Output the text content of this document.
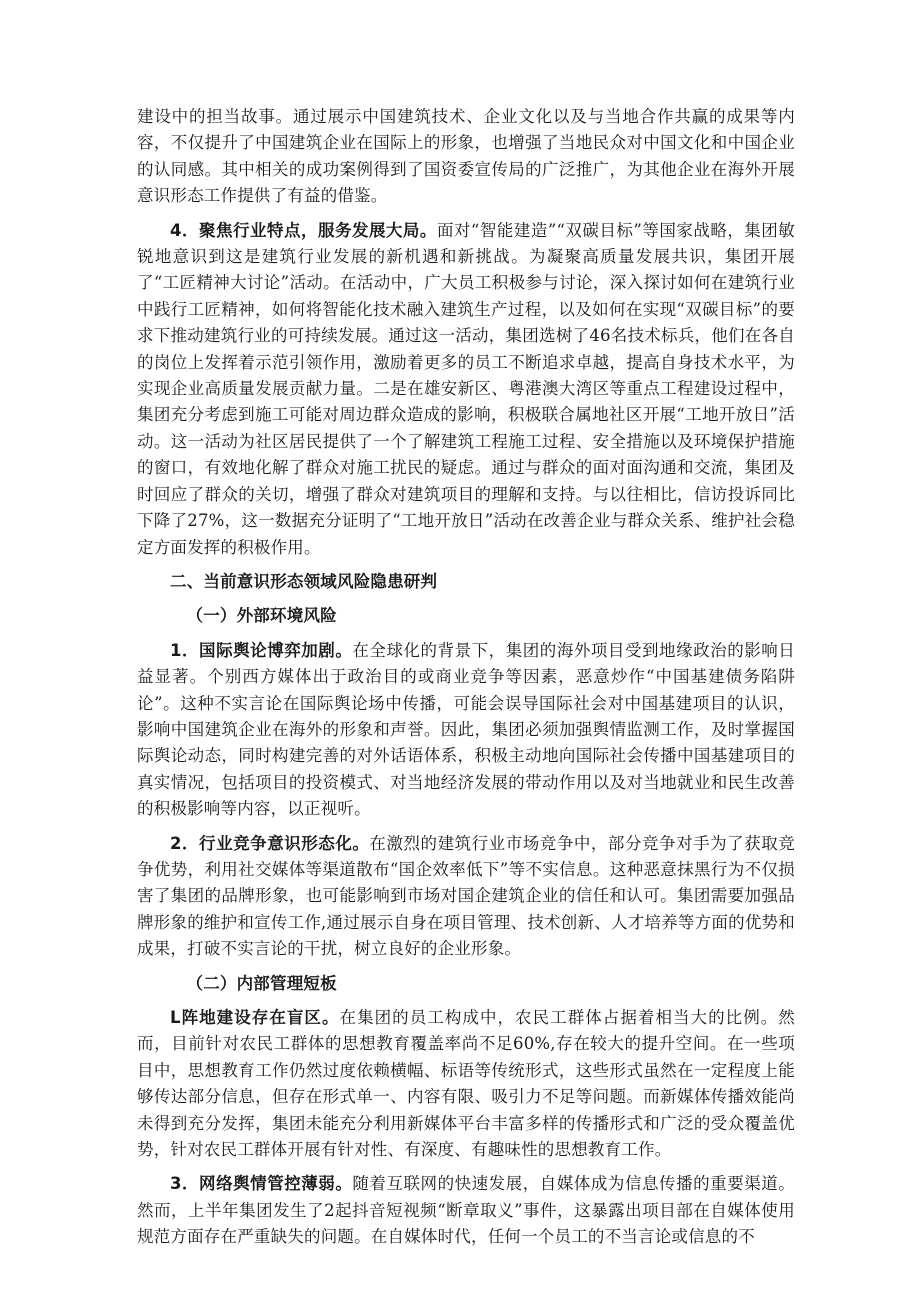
建设中的担当故事。通过展示中国建筑技术、企业文化以及与当地合作共赢的成果等内容，不仅提升了中国建筑企业在国际上的形象，也增强了当地民众对中国文化和中国企业的认同感。其中相关的成功案例得到了国资委宣传局的广泛推广，为其他企业在海外开展意识形态工作提供了有益的借鉴。

4．聚焦行业特点，服务发展大局。面对“智能建造”“双碳目标”等国家战略，集团敏锐地意识到这是建筑行业发展的新机遇和新挑战。为凝聚高质量发展共识，集团开展了“工匠精神大讨论”活动。在活动中，广大员工积极参与讨论，深入探讨如何在建筑行业中践行工匠精神，如何将智能化技术融入建筑生产过程，以及如何在实现“双碳目标”的要求下推动建筑行业的可持续发展。通过这一活动，集团选树了46名技术标兵，他们在各自的岗位上发挥着示范引领作用，激励着更多的员工不断追求卓越，提高自身技术水平，为实现企业高质量发展贡献力量。二是在雄安新区、粤港澳大湾区等重点工程建设过程中，集团充分考虑到施工可能对周边群众造成的影响，积极联合属地社区开展“工地开放日”活动。这一活动为社区居民提供了一个了解建筑工程施工过程、安全措施以及环境保护措施的窗口，有效地化解了群众对施工扰民的疑虑。通过与群众的面对面沟通和交流，集团及时回应了群众的关切，增强了群众对建筑项目的理解和支持。与以往相比，信访投诉同比下降了27%，这一数据充分证明了“工地开放日”活动在改善企业与群众关系、维护社会稳定方面发挥的积极作用。

二、当前意识形态领域风险隐患研判

（一）外部环境风险

1．国际舆论博弈加剧。在全球化的背景下，集团的海外项目受到地缘政治的影响日益显著。个别西方媒体出于政治目的或商业竞争等因素，恶意炒作“中国基建债务陷阱论”。这种不实言论在国际舆论场中传播，可能会误导国际社会对中国基建项目的认识，影响中国建筑企业在海外的形象和声誉。因此，集团必须加强舆情监测工作，及时掌握国际舆论动态，同时构建完善的对外话语体系，积极主动地向国际社会传播中国基建项目的真实情况，包括项目的投资模式、对当地经济发展的带动作用以及对当地就业和民生改善的积极影响等内容，以正视听。

2．行业竞争意识形态化。在激烈的建筑行业市场竞争中，部分竞争对手为了获取竞争优势，利用社交媒体等渠道散布“国企效率低下”等不实信息。这种恶意抹黑行为不仅损害了集团的品牌形象，也可能影响到市场对国企建筑企业的信任和认可。集团需要加强品牌形象的维护和宣传工作,通过展示自身在项目管理、技术创新、人才培养等方面的优势和成果，打破不实言论的干扰，树立良好的企业形象。

（二）内部管理短板

L阵地建设存在盲区。在集团的员工构成中，农民工群体占据着相当大的比例。然而，目前针对农民工群体的思想教育覆盖率尚不足60%,存在较大的提升空间。在一些项目中，思想教育工作仍然过度依赖横幅、标语等传统形式，这些形式虽然在一定程度上能够传达部分信息，但存在形式单一、内容有限、吸引力不足等问题。而新媒体传播效能尚未得到充分发挥，集团未能充分利用新媒体平台丰富多样的传播形式和广泛的受众覆盖优势，针对农民工群体开展有针对性、有深度、有趣味性的思想教育工作。

3．网络舆情管控薄弱。随着互联网的快速发展，自媒体成为信息传播的重要渠道。然而，上半年集团发生了2起抖音短视频“断章取义”事件，这暴露出项目部在自媒体使用规范方面存在严重缺失的问题。在自媒体时代，任何一个员工的不当言论或信息的不
